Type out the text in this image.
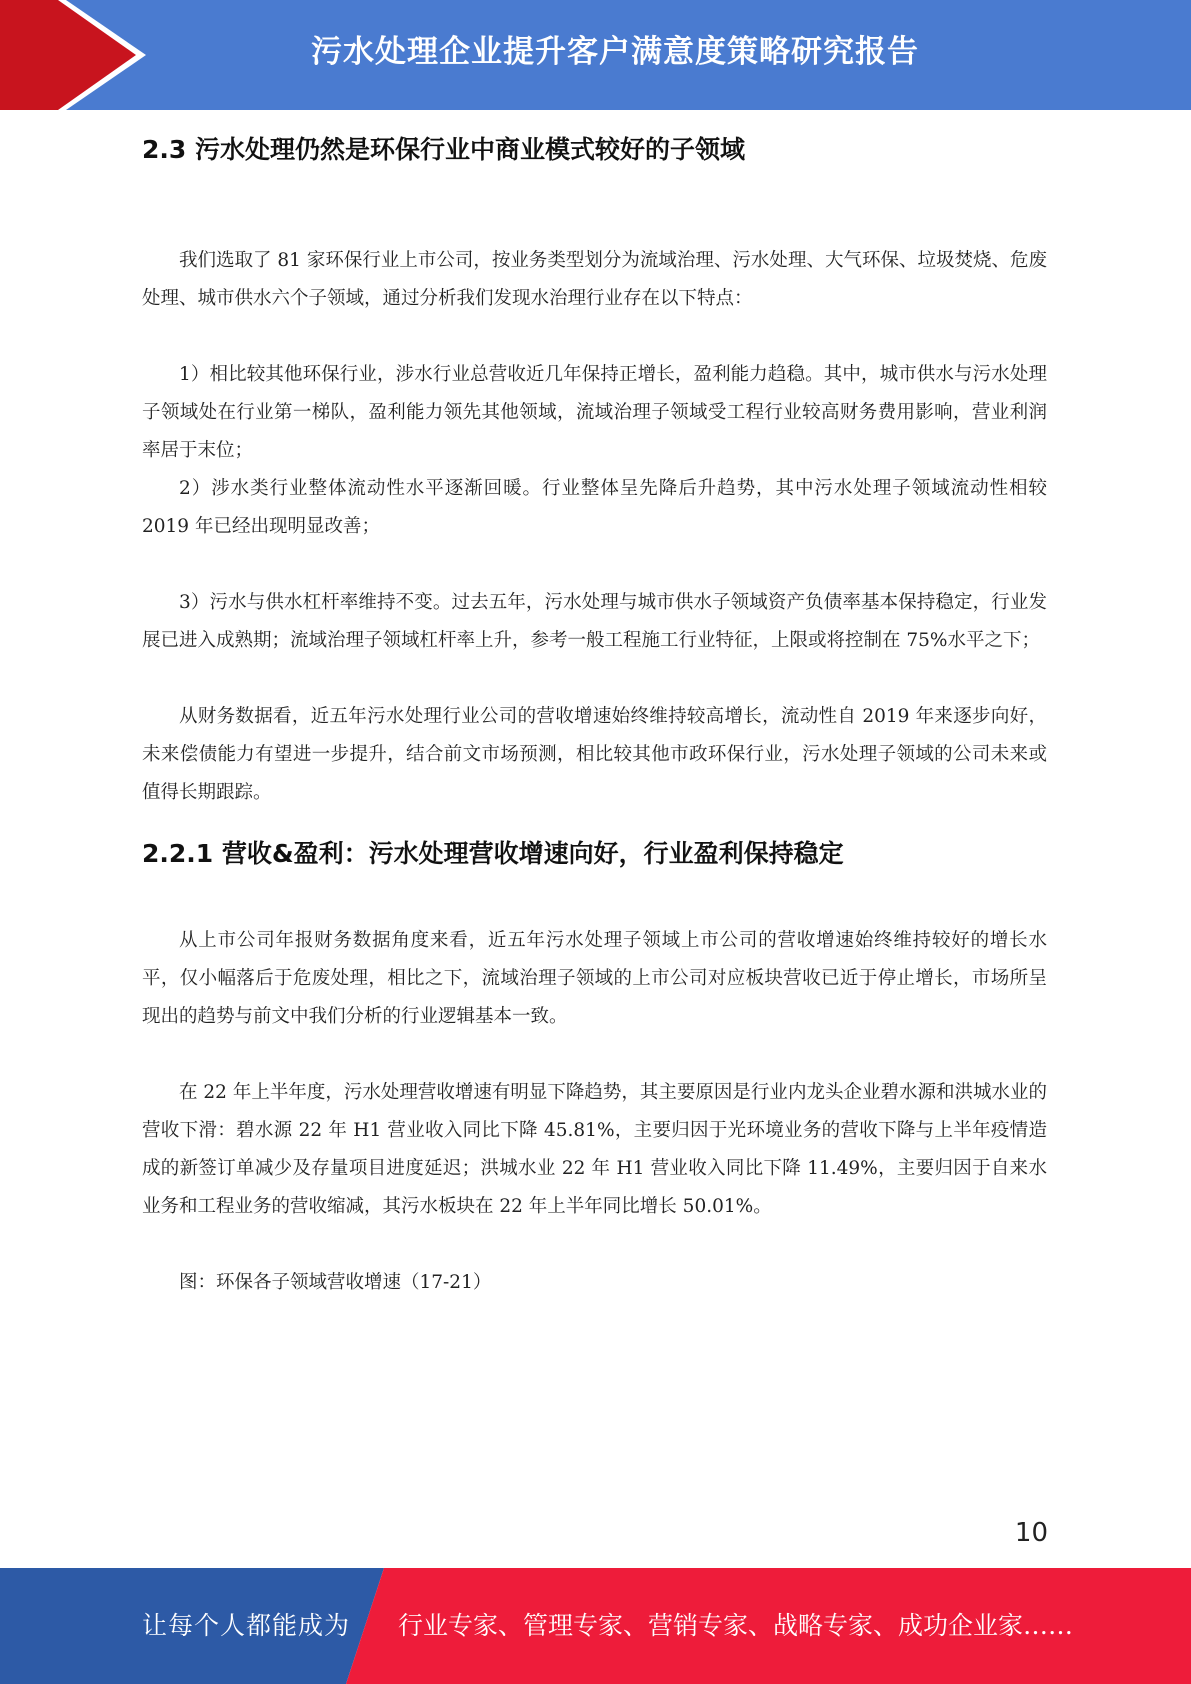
污水处理企业提升客户满意度策略研究报告
2.3 污水处理仍然是环保行业中商业模式较好的子领域

我们选取了 81 家环保行业上市公司，按业务类型划分为流域治理、污水处理、大气环保、垃圾焚烧、危废处理、城市供水六个子领域，通过分析我们发现水治理行业存在以下特点：

1）相比较其他环保行业，涉水行业总营收近几年保持正增长，盈利能力趋稳。其中，城市供水与污水处理子领域处在行业第一梯队，盈利能力领先其他领域，流域治理子领域受工程行业较高财务费用影响，营业利润率居于末位；

2）涉水类行业整体流动性水平逐渐回暖。行业整体呈先降后升趋势，其中污水处理子领域流动性相较 2019 年已经出现明显改善；

3）污水与供水杠杆率维持不变。过去五年，污水处理与城市供水子领域资产负债率基本保持稳定，行业发展已进入成熟期；流域治理子领域杠杆率上升，参考一般工程施工行业特征，上限或将控制在 75%水平之下；

从财务数据看，近五年污水处理行业公司的营收增速始终维持较高增长，流动性自 2019 年来逐步向好，未来偿债能力有望进一步提升，结合前文市场预测，相比较其他市政环保行业，污水处理子领域的公司未来或值得长期跟踪。

2.2.1 营收&盈利：污水处理营收增速向好，行业盈利保持稳定

从上市公司年报财务数据角度来看，近五年污水处理子领域上市公司的营收增速始终维持较好的增长水平，仅小幅落后于危废处理，相比之下，流域治理子领域的上市公司对应板块营收已近于停止增长，市场所呈现出的趋势与前文中我们分析的行业逻辑基本一致。

在 22 年上半年度，污水处理营收增速有明显下降趋势，其主要原因是行业内龙头企业碧水源和洪城水业的营收下滑：碧水源 22 年 H1 营业收入同比下降 45.81%，主要归因于光环境业务的营收下降与上半年疫情造成的新签订单减少及存量项目进度延迟；洪城水业 22 年 H1 营业收入同比下降 11.49%，主要归因于自来水业务和工程业务的营收缩减，其污水板块在 22 年上半年同比增长 50.01%。

图：环保各子领域营收增速（17-21）

10
让每个人都能成为 行业专家、管理专家、营销专家、战略专家、成功企业家……
